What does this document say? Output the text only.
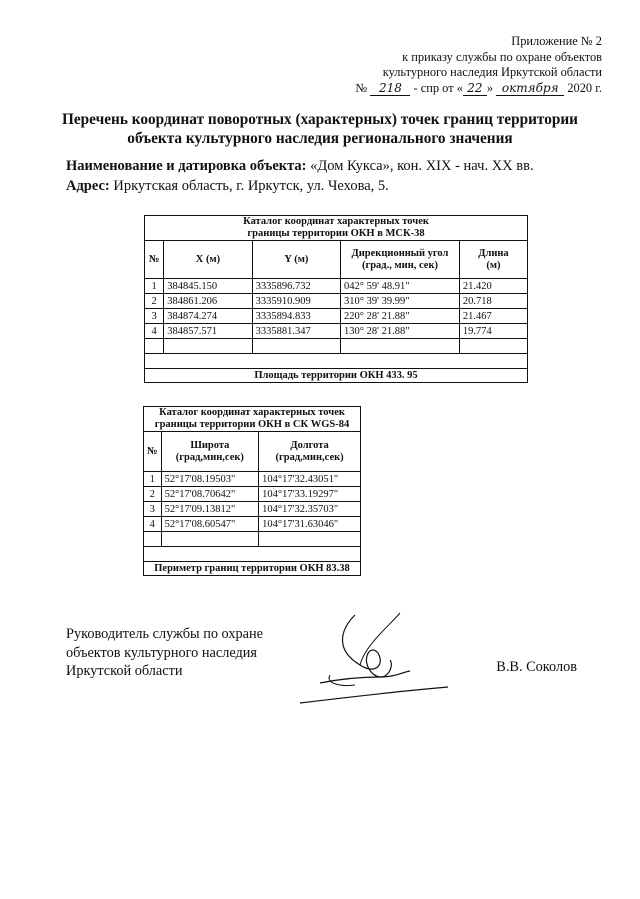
Приложение № 2
к приказу службы по охране объектов
культурного наследия Иркутской области
№ 218 - спр от « 22 » октября 2020 г.
Перечень координат поворотных (характерных) точек границ территории
объекта культурного наследия регионального значения
Наименование и датировка объекта: «Дом Кукса», кон. XIX - нач. XX вв.
Адрес: Иркутская область, г. Иркутск, ул. Чехова, 5.
Каталог координат характерных точек
границы территории ОКН в МСК-38				

№	X (м)	Y (м)	Дирекционный угол
(град., мин, сек)	Длина
(м)
1	384845.150	3335896.732	042° 59' 48.91"	21.420
2	384861.206	3335910.909	310° 39' 39.99"	20.718
3	384874.274	3335894.833	220° 28' 21.88"	21.467
4	384857.571	3335881.347	130° 28' 21.88"	19.774

Площадь территории ОКН 433. 95				
Каталог координат характерных точек
границы территории ОКН в СК WGS-84		

№	Широта
(град,мин,сек)	Долгота
(град,мин,сек)
1	52°17'08.19503"	104°17'32.43051"
2	52°17'08.70642"	104°17'33.19297"
3	52°17'09.13812"	104°17'32.35703"
4	52°17'08.60547"	104°17'31.63046"

Периметр границ территории ОКН 83.38		
Руководитель службы по охране
объектов культурного наследия
Иркутской области	В.В. Соколов
